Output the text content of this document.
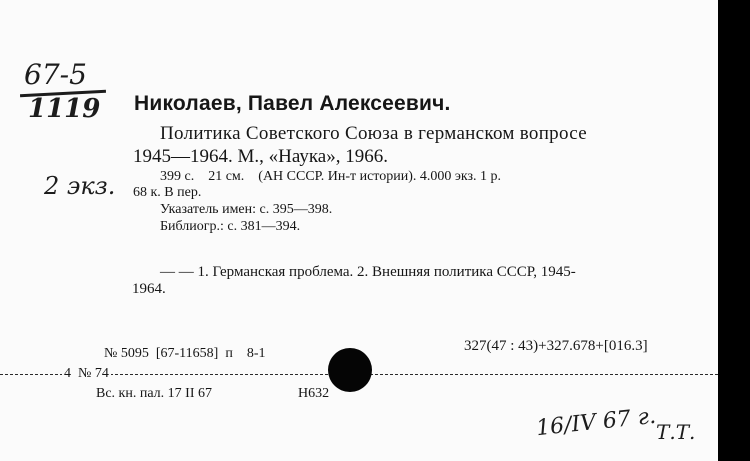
67-5
1119
2 экз.
Николаев, Павел Алексеевич.
Политика Советского Союза в германском вопросе
1945—1964. М., «Наука», 1966.
399 с.    21 см.    (АН СССР. Ин-т истории). 4.000 экз. 1 р.
68 к. В пер.
Указатель имен: с. 395—398.
Библиогр.: с. 381—394.
— — 1. Германская проблема. 2. Внешняя политика СССР, 1945-
1964.
№ 5095  [67-11658]  п    8-1	327(47 : 43)+327.678+[016.3]
4  № 74
Вс. кн. пал. 17 II 67	Н632
16/IV 67 г.
Т.Т.
